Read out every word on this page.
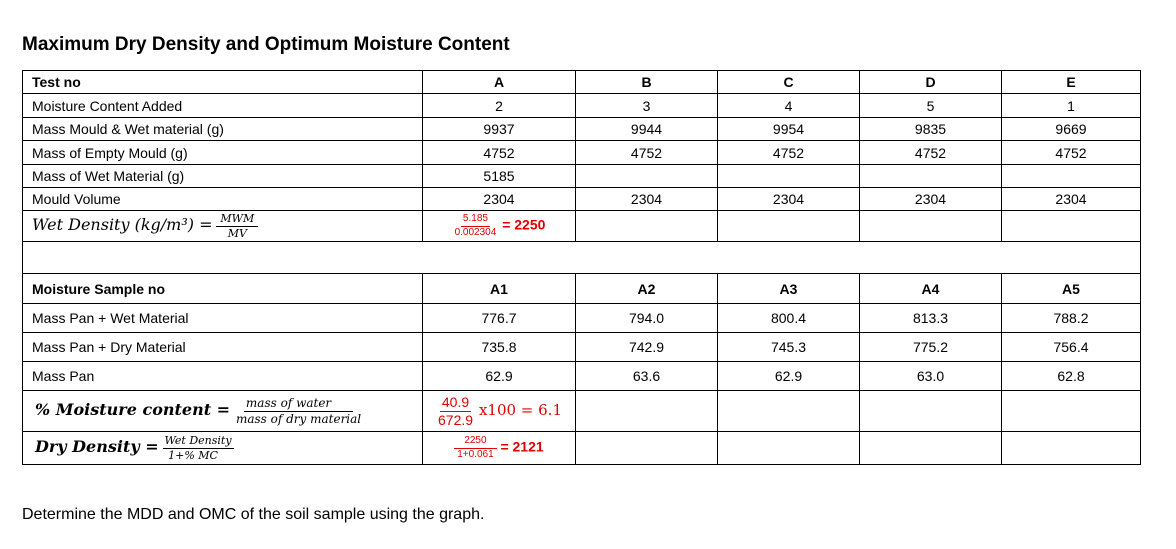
Maximum Dry Density and Optimum Moisture Content
Test no	A	B	C	D	E
Moisture Content Added	2	3	4	5	1
Mass Mould & Wet material (g)	9937	9944	9954	9835	9669
Mass of Empty Mould (g)	4752	4752	4752	4752	4752
Mass of Wet Material (g)	5185				
Mould Volume	2304	2304	2304	2304	2304
Wet Density $(kg/m^3) = \frac{\text{MWM}}{MV}$	$\frac{5.185}{0.002304} = 2250$				

Moisture Sample no	A1	A2	A3	A4	A5
Mass Pan + Wet Material	776.7	794.0	800.4	813.3	788.2
Mass Pan + Dry Material	735.8	742.9	745.3	775.2	756.4
Mass Pan	62.9	63.6	62.9	63.0	62.8
% Moisture content = $\frac{\text{mass of water}}{\text{mass of dry material}}$	$\frac{40.9}{672.9} x100 = 6.1$				
Dry Density = $\frac{\text{Wet Density}}{1+\% MC}$	$\frac{2250}{1+0.061} = 2121$				
Determine the MDD and OMC of the soil sample using the graph.
